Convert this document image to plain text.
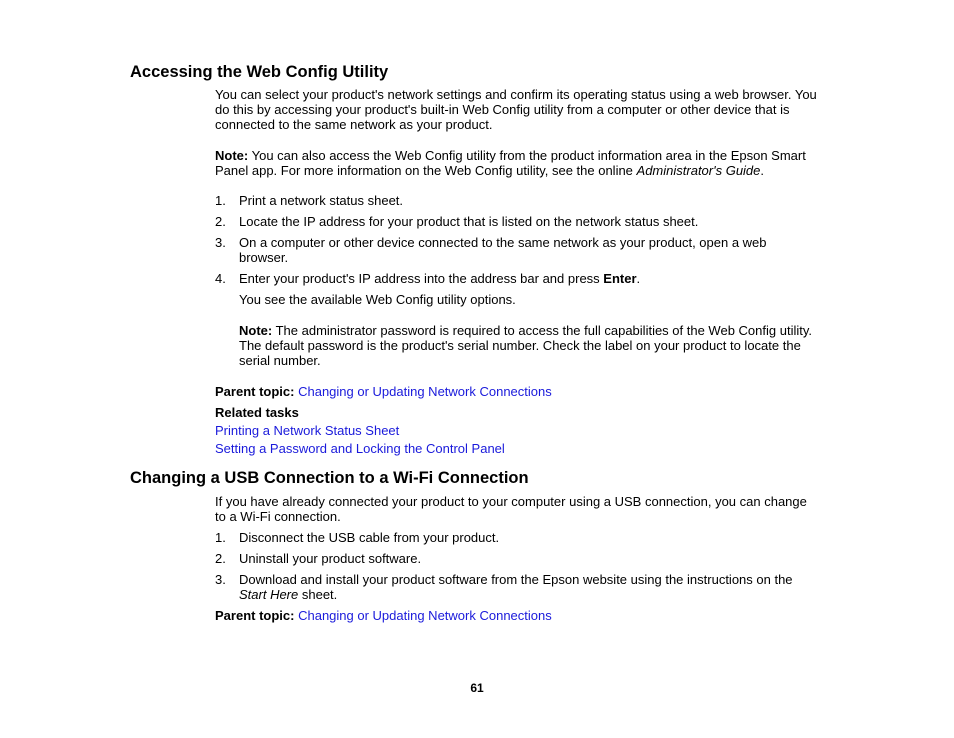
Accessing the Web Config Utility

You can select your product's network settings and confirm its operating status using a web browser. You do this by accessing your product's built-in Web Config utility from a computer or other device that is connected to the same network as your product.

Note: You can also access the Web Config utility from the product information area in the Epson Smart Panel app. For more information on the Web Config utility, see the online Administrator's Guide.

1. Print a network status sheet.
2. Locate the IP address for your product that is listed on the network status sheet.
3. On a computer or other device connected to the same network as your product, open a web browser.
4. Enter your product's IP address into the address bar and press Enter.

You see the available Web Config utility options.

Note: The administrator password is required to access the full capabilities of the Web Config utility. The default password is the product's serial number. Check the label on your product to locate the serial number.

Parent topic: Changing or Updating Network Connections
Related tasks
Printing a Network Status Sheet
Setting a Password and Locking the Control Panel
Changing a USB Connection to a Wi-Fi Connection

If you have already connected your product to your computer using a USB connection, you can change to a Wi-Fi connection.

1. Disconnect the USB cable from your product.
2. Uninstall your product software.
3. Download and install your product software from the Epson website using the instructions on the Start Here sheet.
Parent topic: Changing or Updating Network Connections
61
